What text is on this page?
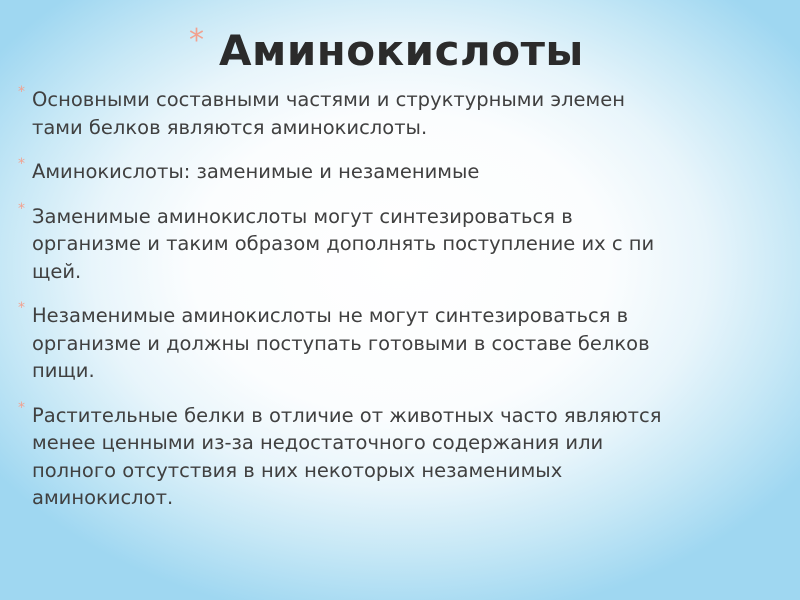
* Аминокислоты
* Основными составными частями и структурными элемен
тами белков являются аминокислоты.
* Аминокислоты: заменимые и незаменимые
* Заменимые аминокислоты могут синтезироваться в
организме и таким образом дополнять поступление их с пи
щей.
* Незаменимые аминокислоты не могут синтезироваться в
организме и должны поступать готовыми в составе белков
пищи.
* Растительные белки в отличие от животных часто являются
менее ценными из-за недостаточного содержания или
полного отсутствия в них некоторых незаменимых
аминокислот.
